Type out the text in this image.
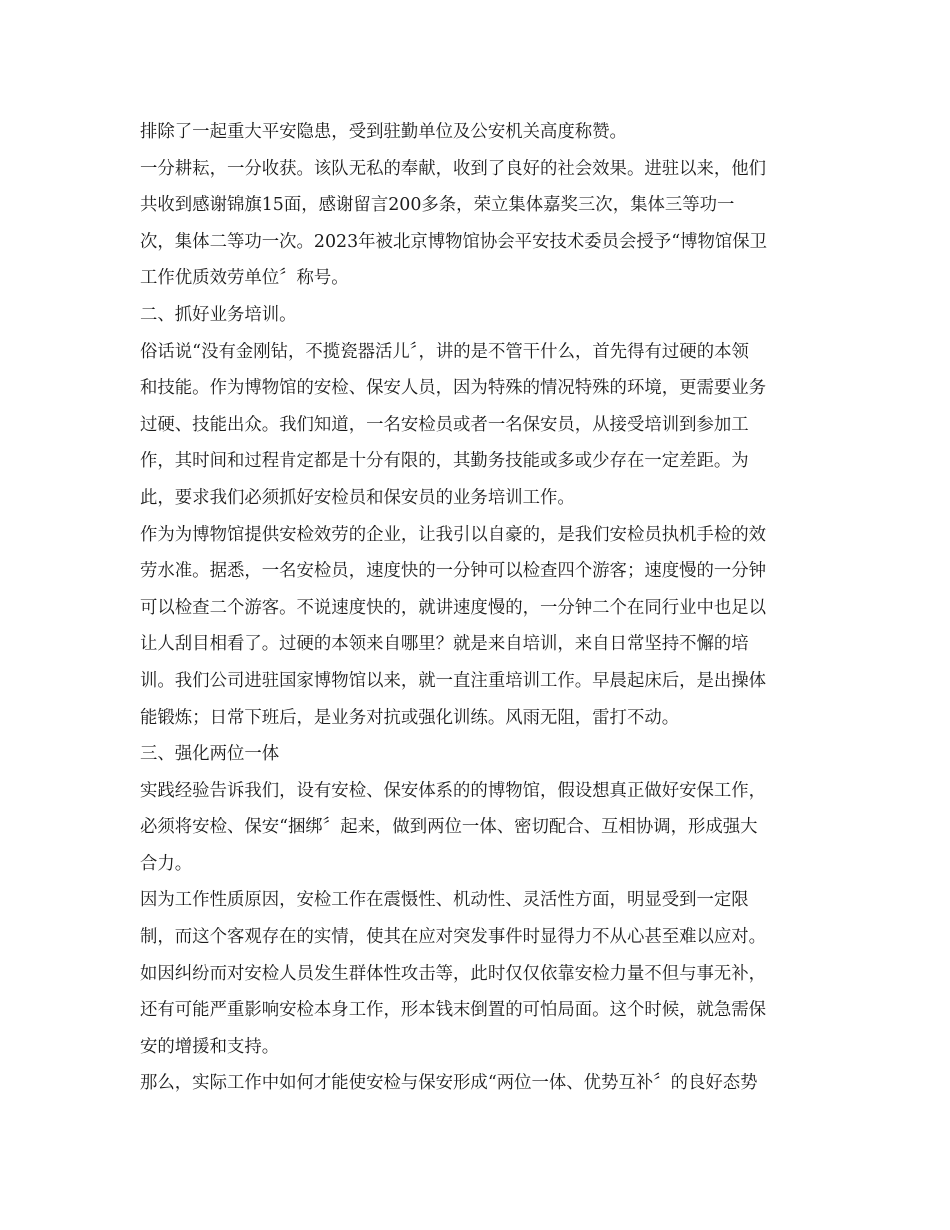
排除了一起重大平安隐患，受到驻勤单位及公安机关高度称赞。
一分耕耘，一分收获。该队无私的奉献，收到了良好的社会效果。进驻以来，他们
共收到感谢锦旗15面，感谢留言200多条，荣立集体嘉奖三次，集体三等功一
次，集体二等功一次。2023年被北京博物馆协会平安技术委员会授予“博物馆保卫
工作优质效劳单位〞称号。
二、抓好业务培训。
俗话说“没有金刚钻，不揽瓷器活儿〞，讲的是不管干什么，首先得有过硬的本领
和技能。作为博物馆的安检、保安人员，因为特殊的情况特殊的环境，更需要业务
过硬、技能出众。我们知道，一名安检员或者一名保安员，从接受培训到参加工
作，其时间和过程肯定都是十分有限的，其勤务技能或多或少存在一定差距。为
此，要求我们必须抓好安检员和保安员的业务培训工作。
作为为博物馆提供安检效劳的企业，让我引以自豪的，是我们安检员执机手检的效
劳水准。据悉，一名安检员，速度快的一分钟可以检查四个游客；速度慢的一分钟
可以检查二个游客。不说速度快的，就讲速度慢的，一分钟二个在同行业中也足以
让人刮目相看了。过硬的本领来自哪里？就是来自培训，来自日常坚持不懈的培
训。我们公司进驻国家博物馆以来，就一直注重培训工作。早晨起床后，是出操体
能锻炼；日常下班后，是业务对抗或强化训练。风雨无阻，雷打不动。
三、强化两位一体
实践经验告诉我们，设有安检、保安体系的的博物馆，假设想真正做好安保工作，
必须将安检、保安“捆绑〞起来，做到两位一体、密切配合、互相协调，形成强大
合力。
因为工作性质原因，安检工作在震慑性、机动性、灵活性方面，明显受到一定限
制，而这个客观存在的实情，使其在应对突发事件时显得力不从心甚至难以应对。
如因纠纷而对安检人员发生群体性攻击等，此时仅仅依靠安检力量不但与事无补，
还有可能严重影响安检本身工作，形本钱末倒置的可怕局面。这个时候，就急需保
安的增援和支持。
那么，实际工作中如何才能使安检与保安形成“两位一体、优势互补〞的良好态势
